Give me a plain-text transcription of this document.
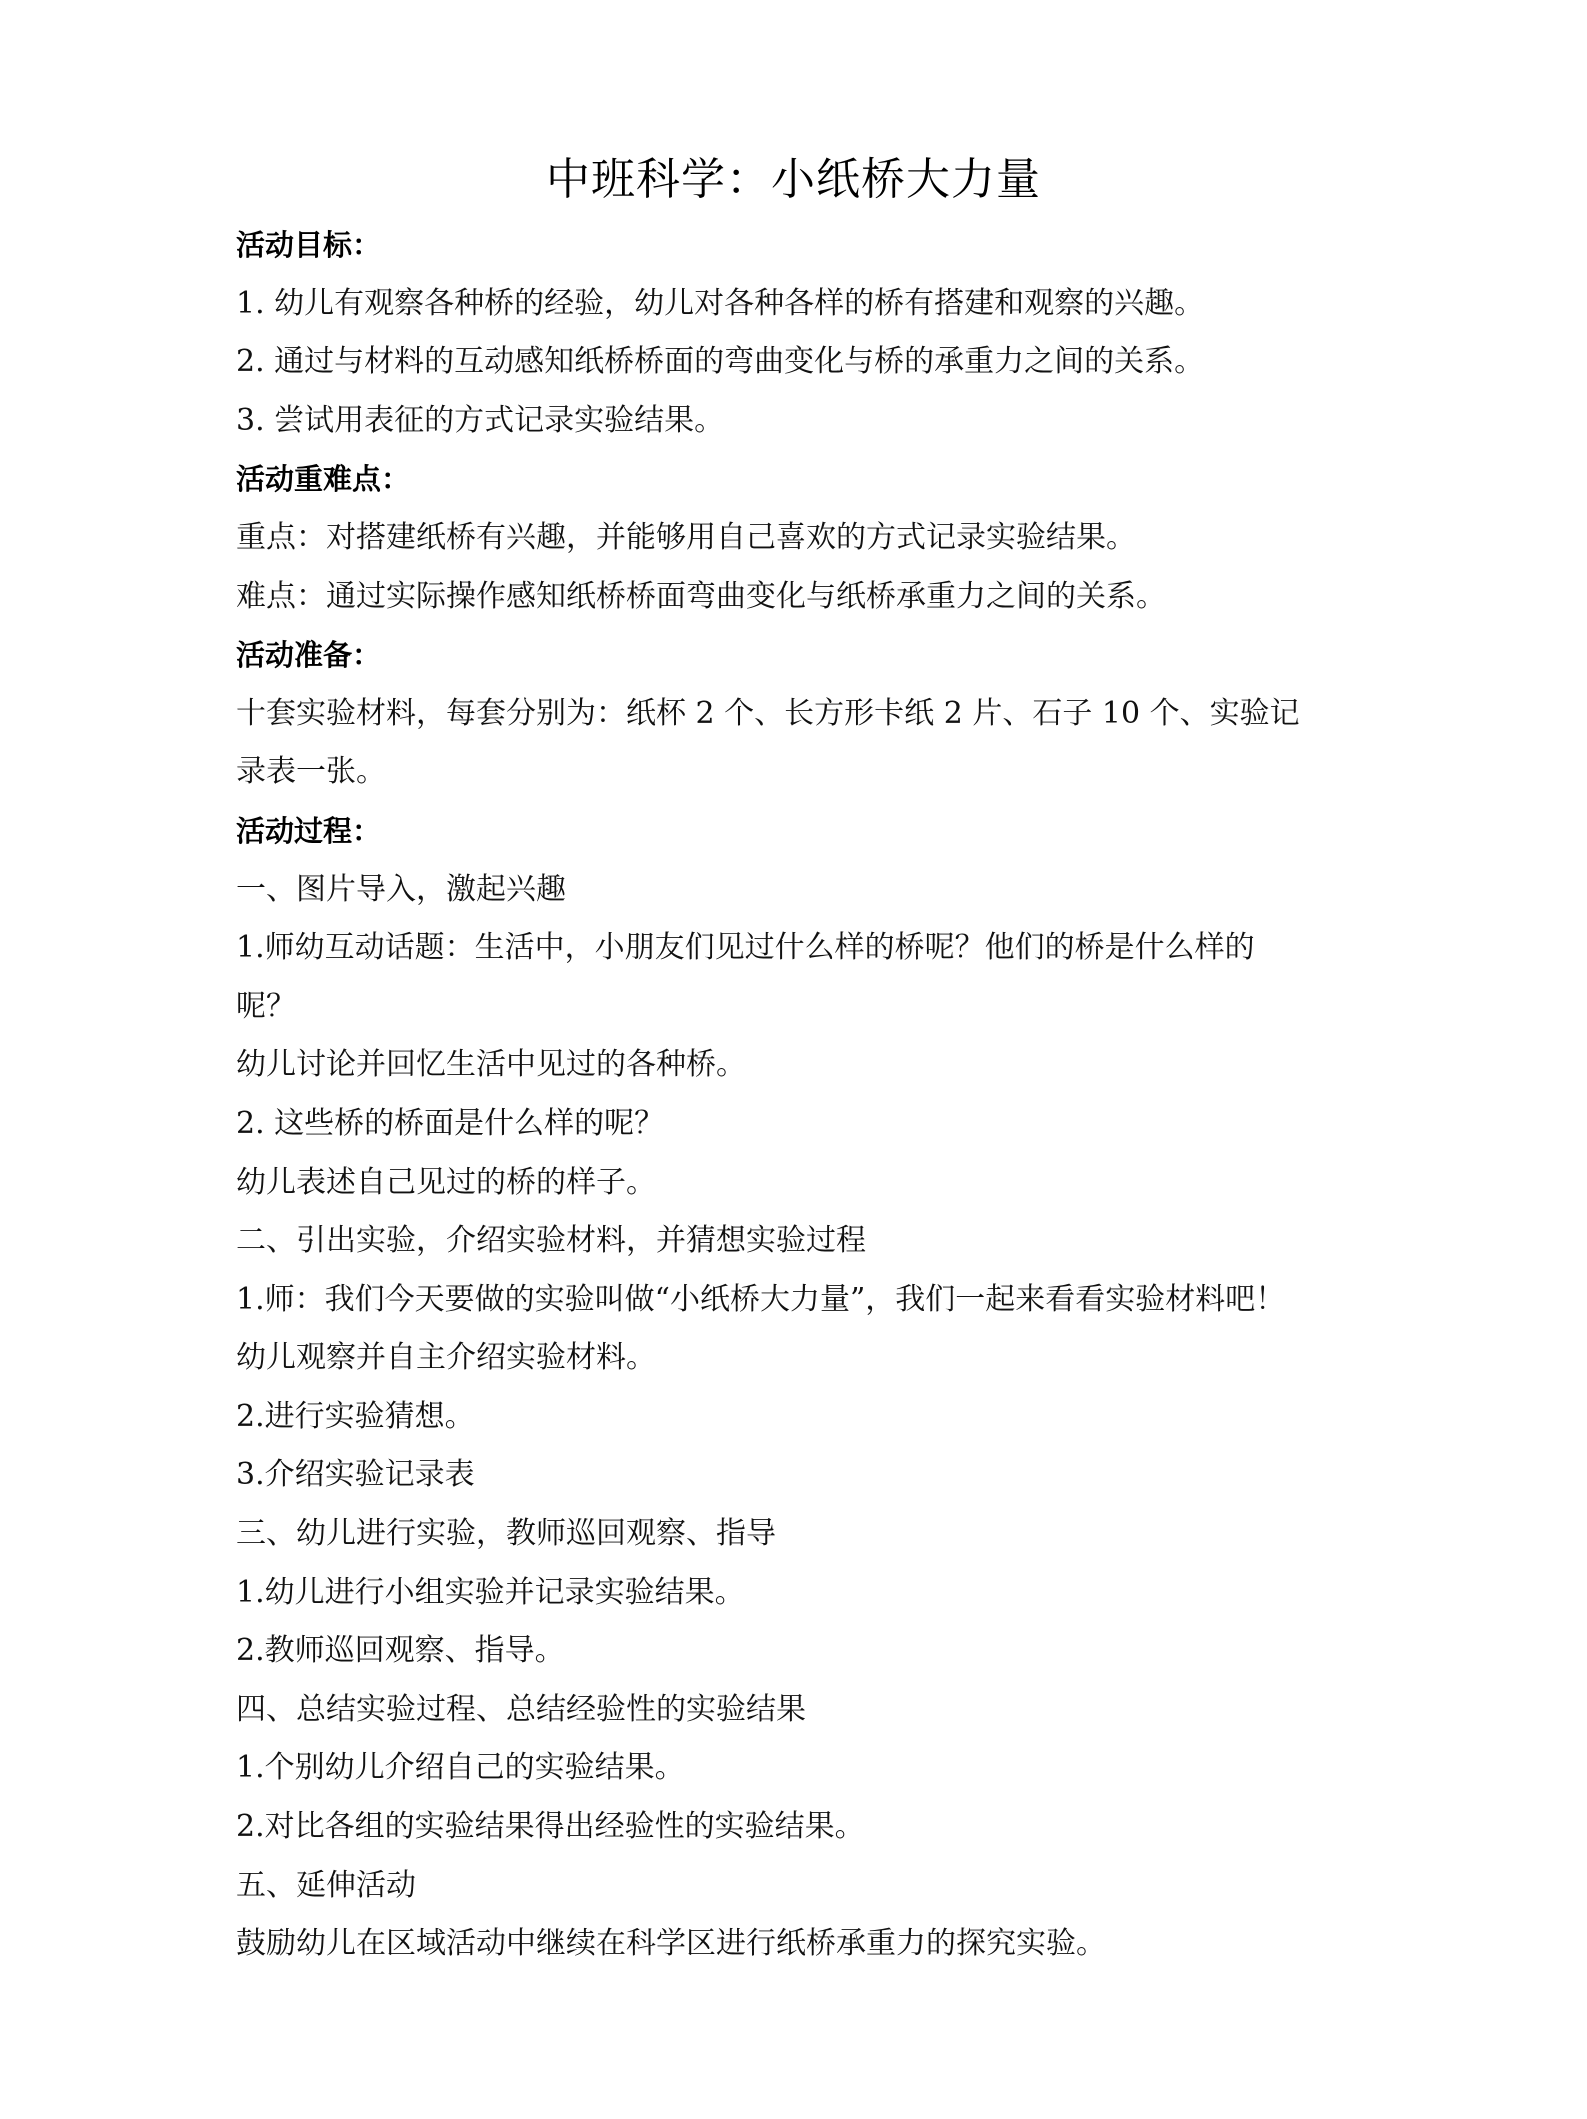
中班科学：小纸桥大力量
活动目标：
1. 幼儿有观察各种桥的经验，幼儿对各种各样的桥有搭建和观察的兴趣。
2. 通过与材料的互动感知纸桥桥面的弯曲变化与桥的承重力之间的关系。
3. 尝试用表征的方式记录实验结果。
活动重难点：
重点：对搭建纸桥有兴趣，并能够用自己喜欢的方式记录实验结果。
难点：通过实际操作感知纸桥桥面弯曲变化与纸桥承重力之间的关系。
活动准备：
十套实验材料，每套分别为：纸杯 2 个、长方形卡纸 2 片、石子 10 个、实验记
录表一张。
活动过程：
一、图片导入，激起兴趣
1.师幼互动话题：生活中，小朋友们见过什么样的桥呢？他们的桥是什么样的
呢？
幼儿讨论并回忆生活中见过的各种桥。
2. 这些桥的桥面是什么样的呢？
幼儿表述自己见过的桥的样子。
二、引出实验，介绍实验材料，并猜想实验过程
1.师：我们今天要做的实验叫做“小纸桥大力量”，我们一起来看看实验材料吧！
幼儿观察并自主介绍实验材料。
2.进行实验猜想。
3.介绍实验记录表
三、幼儿进行实验，教师巡回观察、指导
1.幼儿进行小组实验并记录实验结果。
2.教师巡回观察、指导。
四、总结实验过程、总结经验性的实验结果
1.个别幼儿介绍自己的实验结果。
2.对比各组的实验结果得出经验性的实验结果。
五、延伸活动
鼓励幼儿在区域活动中继续在科学区进行纸桥承重力的探究实验。
